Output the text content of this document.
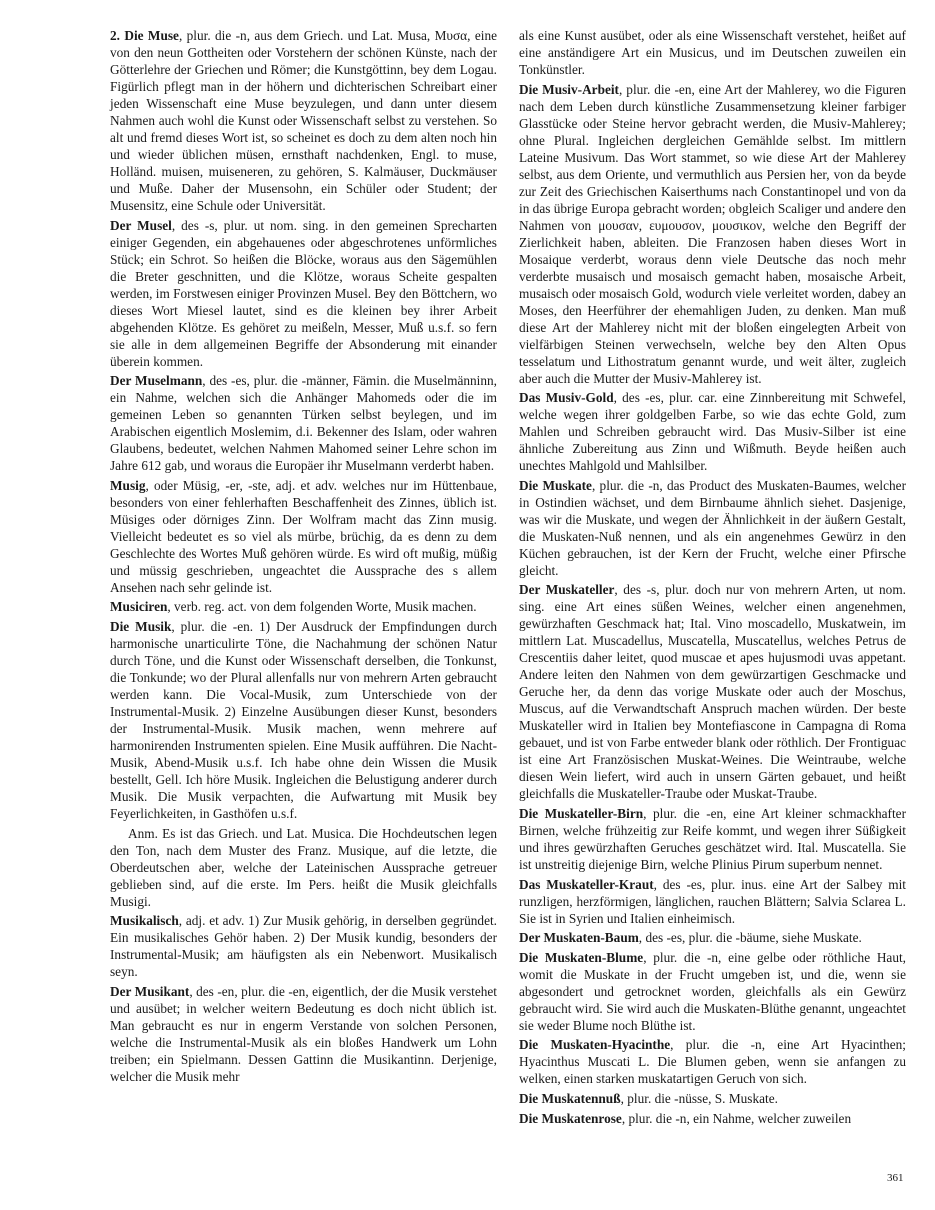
2. Die Muse, plur. die -n, aus dem Griech. und Lat. Musa, Μυσα, eine von den neun Gottheiten oder Vorstehern der schönen Künste, nach der Götterlehre der Griechen und Römer; die Kunstgöttinn, bey dem Logau. Figürlich pflegt man in der höhern und dichterischen Schreibart einer jeden Wissenschaft eine Muse beyzulegen, und dann unter diesem Nahmen auch wohl die Kunst oder Wissenschaft selbst zu verstehen. So alt und fremd dieses Wort ist, so scheinet es doch zu dem alten noch hin und wieder üblichen müsen, ernsthaft nachdenken, Engl. to muse, Holländ. muisen, muiseneren, zu gehören, S. Kalmäuser, Duckmäuser und Muße. Daher der Musensohn, ein Schüler oder Student; der Musensitz, eine Schule oder Universität.

Der Musel, des -s, plur. ut nom. sing. in den gemeinen Sprecharten einiger Gegenden, ein abgehauenes oder abgeschrotenes unförmliches Stück; ein Schrot. So heißen die Blöcke, woraus aus den Sägemühlen die Breter geschnitten, und die Klötze, woraus Scheite gespalten werden, im Forstwesen einiger Provinzen Musel. Bey den Böttchern, wo dieses Wort Miesel lautet, sind es die kleinen bey ihrer Arbeit abgehenden Klötze. Es gehöret zu meißeln, Messer, Muß u.s.f. so fern sie alle in dem allgemeinen Begriffe der Absonderung mit einander überein kommen.

Der Muselmann, des -es, plur. die -männer, Fämin. die Muselmänninn, ein Nahme, welchen sich die Anhänger Mahomeds oder die im gemeinen Leben so genannten Türken selbst beylegen, und im Arabischen eigentlich Moslemim, d.i. Bekenner des Islam, oder wahren Glaubens, bedeutet, welchen Nahmen Mahomed seiner Lehre schon im Jahre 612 gab, und woraus die Europäer ihr Muselmann verderbt haben.

Musig, oder Müsig, -er, -ste, adj. et adv. welches nur im Hüttenbaue, besonders von einer fehlerhaften Beschaffenheit des Zinnes, üblich ist. Müsiges oder dörniges Zinn. Der Wolfram macht das Zinn musig. Vielleicht bedeutet es so viel als mürbe, brüchig, da es denn zu dem Geschlechte des Wortes Muß gehören würde. Es wird oft mußig, müßig und müssig geschrieben, ungeachtet die Aussprache des s allem Ansehen nach sehr gelinde ist.

Musiciren, verb. reg. act. von dem folgenden Worte, Musik machen.

Die Musik, plur. die -en. 1) Der Ausdruck der Empfindungen durch harmonische unarticulirte Töne, die Nachahmung der schönen Natur durch Töne, und die Kunst oder Wissenschaft derselben, die Tonkunst, die Tonkunde; wo der Plural allenfalls nur von mehrern Arten gebraucht werden kann. Die Vocal-Musik, zum Unterschiede von der Instrumental-Musik. 2) Einzelne Ausübungen dieser Kunst, besonders der Instrumental-Musik. Musik machen, wenn mehrere auf harmonirenden Instrumenten spielen. Eine Musik aufführen. Die Nacht-Musik, Abend-Musik u.s.f. Ich habe ohne dein Wissen die Musik bestellt, Gell. Ich höre Musik. Ingleichen die Belustigung anderer durch Musik. Die Musik verpachten, die Aufwartung mit Musik bey Feyerlichkeiten, in Gasthöfen u.s.f.

Anm. Es ist das Griech. und Lat. Musica. Die Hochdeutschen legen den Ton, nach dem Muster des Franz. Musique, auf die letzte, die Oberdeutschen aber, welche der Lateinischen Aussprache getreuer geblieben sind, auf die erste. Im Pers. heißt die Musik gleichfalls Musigi.

Musikalisch, adj. et adv. 1) Zur Musik gehörig, in derselben gegründet. Ein musikalisches Gehör haben. 2) Der Musik kundig, besonders der Instrumental-Musik; am häufigsten als ein Nebenwort. Musikalisch seyn.

Der Musikant, des -en, plur. die -en, eigentlich, der die Musik verstehet und ausübet; in welcher weitern Bedeutung es doch nicht üblich ist. Man gebraucht es nur in engerm Verstande von solchen Personen, welche die Instrumental-Musik als ein bloßes Handwerk um Lohn treiben; ein Spielmann. Dessen Gattinn die Musikantinn. Derjenige, welcher die Musik mehr

als eine Kunst ausübet, oder als eine Wissenschaft verstehet, heißet auf eine anständigere Art ein Musicus, und im Deutschen zuweilen ein Tonkünstler.

Die Musiv-Arbeit, plur. die -en, eine Art der Mahlerey, wo die Figuren nach dem Leben durch künstliche Zusammensetzung kleiner farbiger Glasstücke oder Steine hervor gebracht werden, die Musiv-Mahlerey; ohne Plural. Ingleichen dergleichen Gemählde selbst. Im mittlern Lateine Musivum. Das Wort stammet, so wie diese Art der Mahlerey selbst, aus dem Oriente, und vermuthlich aus Persien her, von da beyde zur Zeit des Griechischen Kaiserthums nach Constantinopel und von da in das übrige Europa gebracht worden; obgleich Scaliger und andere den Nahmen von μουσαν, ευμουσον, μουσικον, welche den Begriff der Zierlichkeit haben, ableiten. Die Franzosen haben dieses Wort in Mosaique verderbt, woraus denn viele Deutsche das noch mehr verderbte musaisch und mosaisch gemacht haben, mosaische Arbeit, musaisch oder mosaisch Gold, wodurch viele verleitet worden, dabey an Moses, den Heerführer der ehemahligen Juden, zu denken. Man muß diese Art der Mahlerey nicht mit der bloßen eingelegten Arbeit von vielfärbigen Steinen verwechseln, welche bey den Alten Opus tesselatum und Lithostratum genannt wurde, und weit älter, zugleich aber auch die Mutter der Musiv-Mahlerey ist.

Das Musiv-Gold, des -es, plur. car. eine Zinnbereitung mit Schwefel, welche wegen ihrer goldgelben Farbe, so wie das echte Gold, zum Mahlen und Schreiben gebraucht wird. Das Musiv-Silber ist eine ähnliche Zubereitung aus Zinn und Wißmuth. Beyde heißen auch unechtes Mahlgold und Mahlsilber.

Die Muskate, plur. die -n, das Product des Muskaten-Baumes, welcher in Ostindien wächset, und dem Birnbaume ähnlich siehet. Dasjenige, was wir die Muskate, und wegen der Ähnlichkeit in der äußern Gestalt, die Muskaten-Nuß nennen, und als ein angenehmes Gewürz in den Küchen gebrauchen, ist der Kern der Frucht, welche einer Pfirsche gleicht.

Der Muskateller, des -s, plur. doch nur von mehrern Arten, ut nom. sing. eine Art eines süßen Weines, welcher einen angenehmen, gewürzhaften Geschmack hat; Ital. Vino moscadello, Muskatwein, im mittlern Lat. Muscadellus, Muscatella, Muscatellus, welches Petrus de Crescentiis daher leitet, quod muscae et apes hujusmodi uvas appetant. Andere leiten den Nahmen von dem gewürzartigen Geschmacke und Geruche her, da denn das vorige Muskate oder auch der Moschus, Muscus, auf die Verwandtschaft Anspruch machen würden. Der beste Muskateller wird in Italien bey Montefiascone in Campagna di Roma gebauet, und ist von Farbe entweder blank oder röthlich. Der Frontiguac ist eine Art Französischen Muskat-Weines. Die Weintraube, welche diesen Wein liefert, wird auch in unsern Gärten gebauet, und heißt gleichfalls die Muskateller-Traube oder Muskat-Traube.

Die Muskateller-Birn, plur. die -en, eine Art kleiner schmackhafter Birnen, welche frühzeitig zur Reife kommt, und wegen ihrer Süßigkeit und ihres gewürzhaften Geruches geschätzet wird. Ital. Muscatella. Sie ist unstreitig diejenige Birn, welche Plinius Pirum superbum nennet.

Das Muskateller-Kraut, des -es, plur. inus. eine Art der Salbey mit runzligen, herzförmigen, länglichen, rauchen Blättern; Salvia Sclarea L. Sie ist in Syrien und Italien einheimisch.

Der Muskaten-Baum, des -es, plur. die -bäume, siehe Muskate.

Die Muskaten-Blume, plur. die -n, eine gelbe oder röthliche Haut, womit die Muskate in der Frucht umgeben ist, und die, wenn sie abgesondert und getrocknet worden, gleichfalls als ein Gewürz gebraucht wird. Sie wird auch die Muskaten-Blüthe genannt, ungeachtet sie weder Blume noch Blüthe ist.

Die Muskaten-Hyacinthe, plur. die -n, eine Art Hyacinthen; Hyacinthus Muscati L. Die Blumen geben, wenn sie anfangen zu welken, einen starken muskatartigen Geruch von sich.

Die Muskatennuß, plur. die -nüsse, S. Muskate.

Die Muskatenrose, plur. die -n, ein Nahme, welcher zuweilen

361
